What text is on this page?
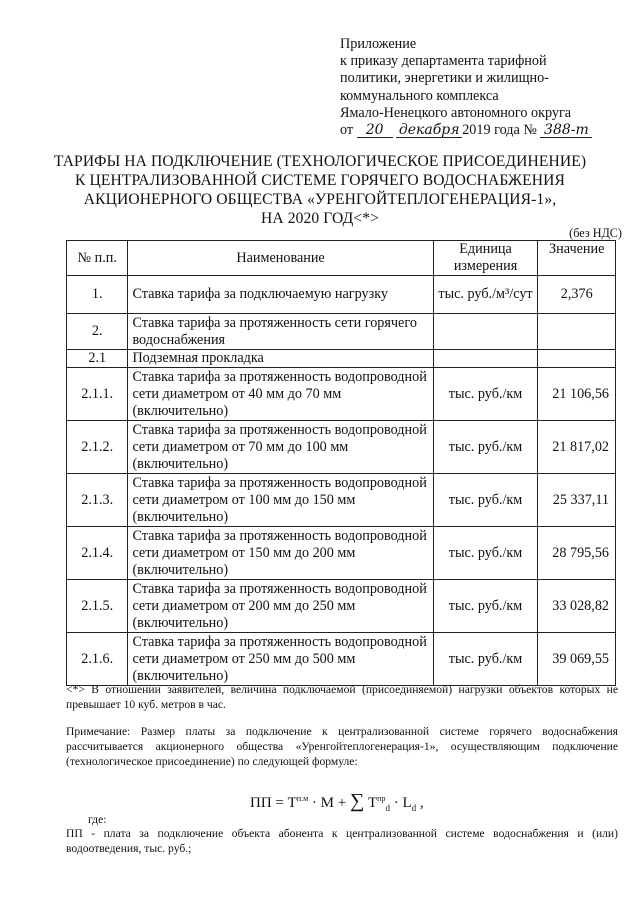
Приложение
к приказу департамента тарифной
политики, энергетики и жилищно-
коммунального комплекса
Ямало-Ненецкого автономного округа
от 20 декабря 2019 года № 388-т
ТАРИФЫ НА ПОДКЛЮЧЕНИЕ (ТЕХНОЛОГИЧЕСКОЕ ПРИСОЕДИНЕНИЕ)
К ЦЕНТРАЛИЗОВАННОЙ СИСТЕМЕ ГОРЯЧЕГО ВОДОСНАБЖЕНИЯ
АКЦИОНЕРНОГО ОБЩЕСТВА «УРЕНГОЙТЕПЛОГЕНЕРАЦИЯ-1»,
НА 2020 ГОД<*>
(без НДС)
№ п.п.	Наименование	Единица измерения	Значение
1.	Ставка тарифа за подключаемую нагрузку	тыс. руб./м³/сут	2,376
2.	Ставка тарифа за протяженность сети горячего водоснабжения		
2.1	Подземная прокладка		
2.1.1.	Ставка тарифа за протяженность водопроводной сети диаметром от 40 мм до 70 мм (включительно)	тыс. руб./км	21 106,56
2.1.2.	Ставка тарифа за протяженность водопроводной сети диаметром от 70 мм до 100 мм (включительно)	тыс. руб./км	21 817,02
2.1.3.	Ставка тарифа за протяженность водопроводной сети диаметром от 100 мм до 150 мм (включительно)	тыс. руб./км	25 337,11
2.1.4.	Ставка тарифа за протяженность водопроводной сети диаметром от 150 мм до 200 мм (включительно)	тыс. руб./км	28 795,56
2.1.5.	Ставка тарифа за протяженность водопроводной сети диаметром от 200 мм до 250 мм (включительно)	тыс. руб./км	33 028,82
2.1.6.	Ставка тарифа за протяженность водопроводной сети диаметром от 250 мм до 500 мм (включительно)	тыс. руб./км	39 069,55
<*> В отношении заявителей, величина подключаемой (присоединяемой) нагрузки объектов которых не превышает 10 куб. метров в час.
Примечание: Размер платы за подключение к централизованной системе горячего водоснабжения рассчитывается акционерного общества «Уренгойтеплогенерация-1», осуществляющим подключение (технологическое присоединение) по следующей формуле:
ПП = $Т^{п.м} \cdot М$ + ∑ $Т^{пр}_d \cdot L_d$ ,
где:
ПП - плата за подключение объекта абонента к централизованной системе водоснабжения и (или) водоотведения, тыс. руб.;
